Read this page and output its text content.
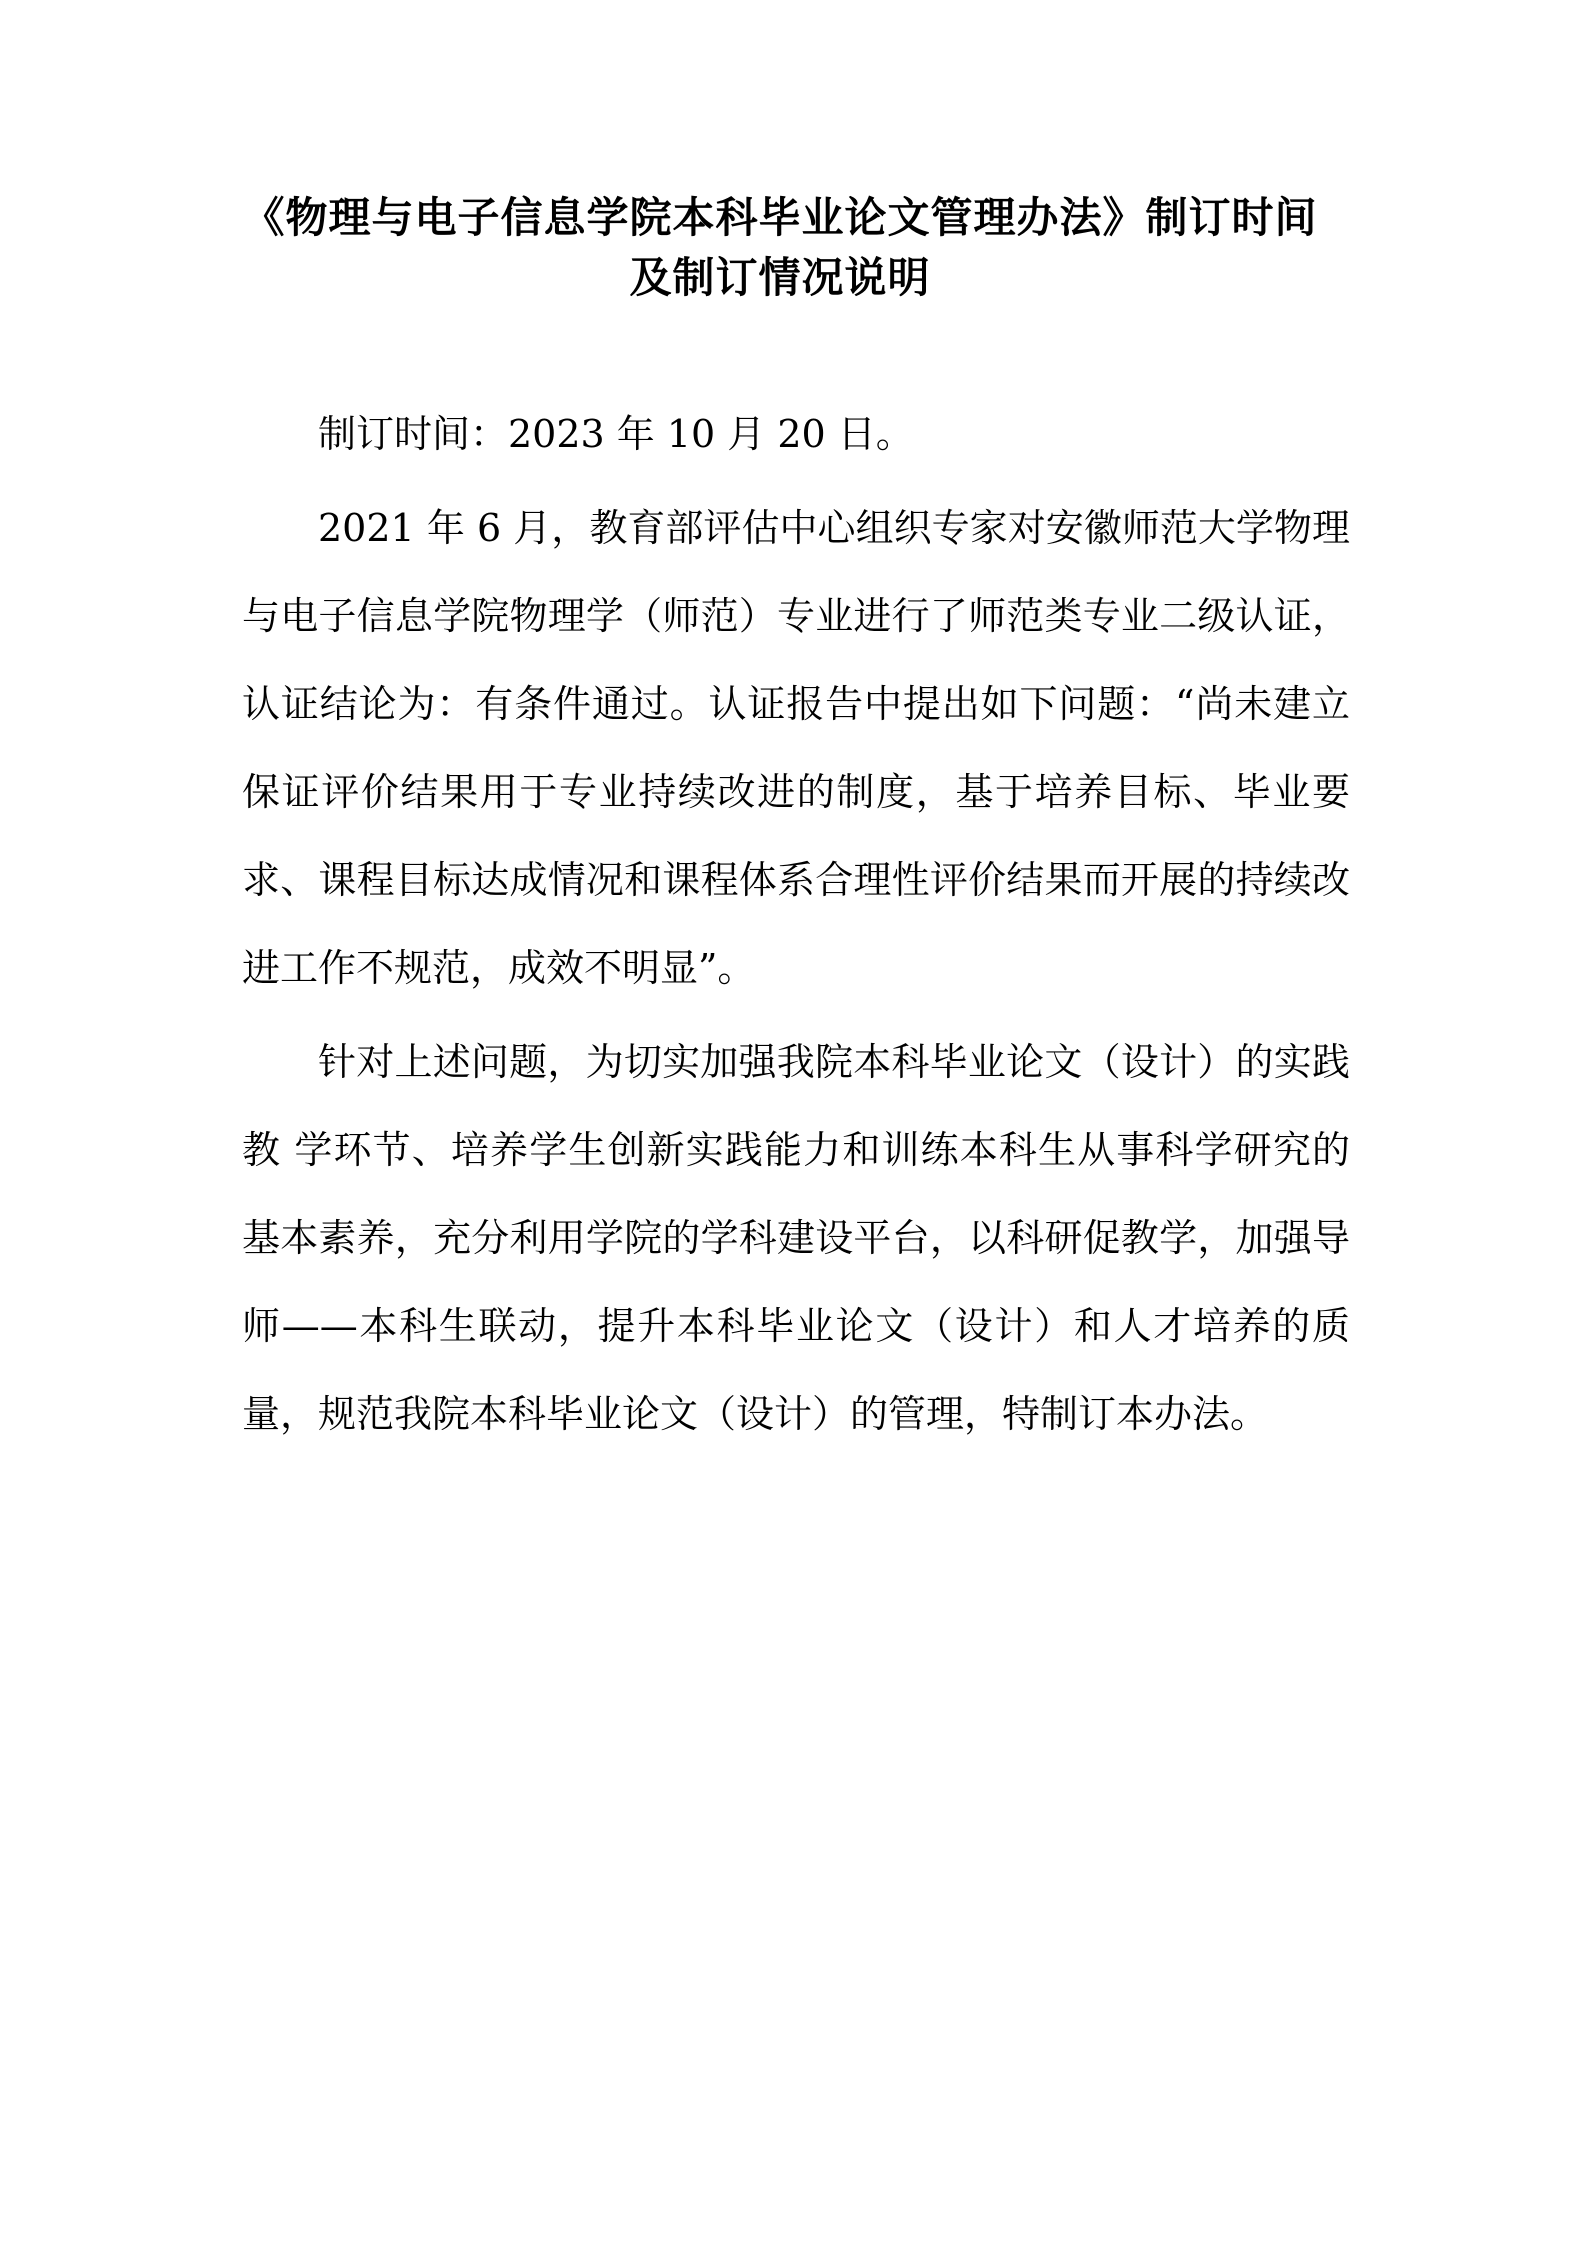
《物理与电子信息学院本科毕业论文管理办法》制订时间
及制订情况说明

制订时间：2023 年 10 月 20 日。

2021 年 6 月，教育部评估中心组织专家对安徽师范大学物理与电子信息学院物理学（师范）专业进行了师范类专业二级认证，认证结论为：有条件通过。认证报告中提出如下问题：“尚未建立保证评价结果用于专业持续改进的制度，基于培养目标、毕业要求、课程目标达成情况和课程体系合理性评价结果而开展的持续改进工作不规范，成效不明显”。

针对上述问题，为切实加强我院本科毕业论文（设计）的实践教 学环节、培养学生创新实践能力和训练本科生从事科学研究的基本素养，充分利用学院的学科建设平台，以科研促教学，加强导师——本科生联动，提升本科毕业论文（设计）和人才培养的质量，规范我院本科毕业论文（设计）的管理，特制订本办法。
